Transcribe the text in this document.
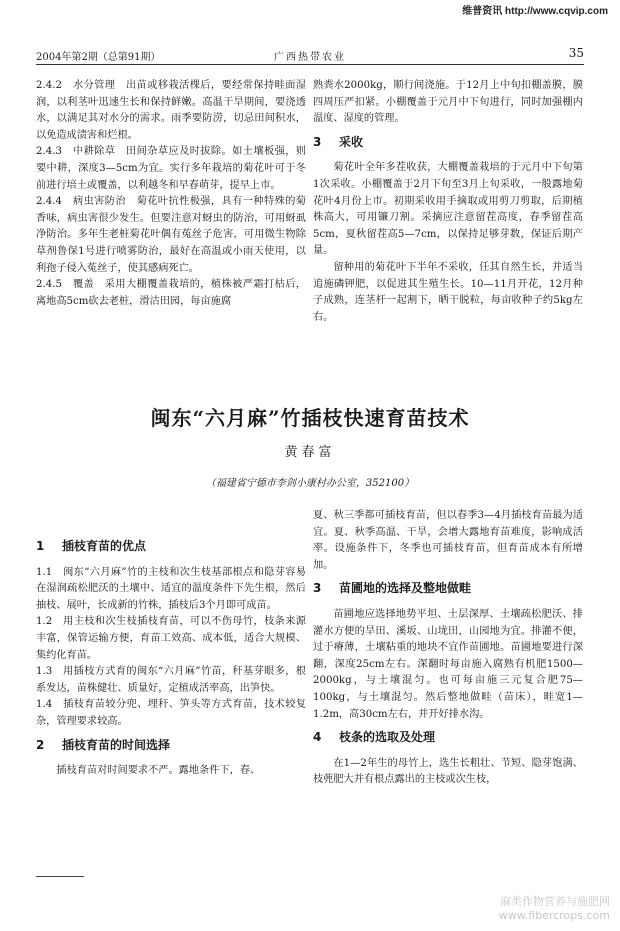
维普资讯 http://www.cqvip.com
2004年第2期（总第91期）	广西热带农业	35

2.4.2　水分管理　出苗或移栽活棵后，要经常保持畦面湿润，以利茎叶迅速生长和保持鲜嫩。高温干旱期间，要浇透水，以满足其对水分的需求。雨季要防涝，切忌田间积水，以免造成渍害和烂根。

2.4.3　中耕除草　田间杂草应及时拔除。如土壤板强，则要中耕，深度3—5cm为宜。实行多年栽培的菊花叶可于冬前进行培土或覆盖，以利越冬和早春萌芽，提早上市。

2.4.4　病虫害防治　菊花叶抗性极强，具有一种特殊的菊香味，病虫害很少发生。但要注意对蚜虫的防治，可用蚜虱净防治。多年生老桩菊花叶偶有菟丝子危害，可用微生物除草剂鲁保1号进行喷雾防治，最好在高温或小雨天使用，以利孢子侵入菟丝子，使其感病死亡。

2.4.5　覆盖　采用大棚覆盖栽培的，植株被严霜打枯后，离地高5cm砍去老桩，滑沽田园，每亩施腐

熟粪水2000kg，顺行间浇施。于12月上中旬扣棚盖膜，膜四周压严扣紧。小棚覆盖于元月中下旬进行，同时加强棚内温度、湿度的管理。

3 采收

菊花叶全年多茬收获，大棚覆盖栽培的于元月中下旬第1次采收。小棚覆盖于2月下旬至3月上旬采收，一般露地菊花叶4月份上市。初期采收用手摘取或用剪刀剪取，后期植株高大，可用镰刀割。采摘应注意留茬高度，春季留茬高5cm，夏秋留茬高5—7cm，以保持足够芽数，保证后期产量。

留种用的菊花叶下半年不采收，任其自然生长，并适当追施磷钾肥，以促进其生殖生长。10—11月开花，12月种子成熟，连茎杆一起割下，晒干脱粒，每亩收种子约5kg左右。

闽东“六月麻”竹插枝快速育苗技术
黄春富
（福建省宁德市李剑小康村办公室，352100）
1 插枝育苗的优点

1.1　闽东“六月麻”竹的主枝和次生枝基部根点和隐芽容易在湿润疏松肥沃的土壤中、适宜的温度条件下先生根，然后抽枝、展叶，长成新的竹株，插枝后3个月即可成苗。

1.2　用主枝和次生枝插枝育苗，可以不伤母竹，枝条来源丰富，保管运输方便，育苗工效高、成本低，适合大规模、集约化育苗。

1.3　用插枝方式育的闽东“六月麻”竹苗，秆基芽眼多，根系发达，苗株健壮、质量好，定植成活率高，出笋快。

1.4　插枝育苗较分兜、埋秆、笋头等方式育苗，技术较复杂，管理要求较高。

2 插枝育苗的时间选择

插枝育苗对时间要求不严。露地条件下，春、

夏、秋三季都可插枝育苗，但以春季3—4月插枝育苗最为适宜。夏、秋季高温、干旱，会增大露地育苗难度，影响成活率。设施条件下，冬季也可插枝育苗，但育苗成本有所增加。

3 苗圃地的选择及整地做畦

苗圃地应选择地势平坦、土层深厚、土壤疏松肥沃、排灌水方便的旱田、溪坂、山垅田，山园地为宜。排灌不便，过于瘠薄，土壤粘重的地块不宜作苗圃地。苗圃地要进行深翻，深度25cm左右。深翻时每亩施入腐熟有机肥1500—2000kg，与土壤混匀。也可每亩施三元复合肥75—100kg，与土壤混匀。然后整地做畦（苗床），畦宽1—1.2m，高30cm左右，并开好排水沟。

4 枝条的选取及处理

在1—2年生的母竹上，选生长粗壮、节短、隐芽饱满、枝蔸肥大并有根点露出的主枝或次生枝，

麻类作物营养与施肥网
www.fibercrops.com
